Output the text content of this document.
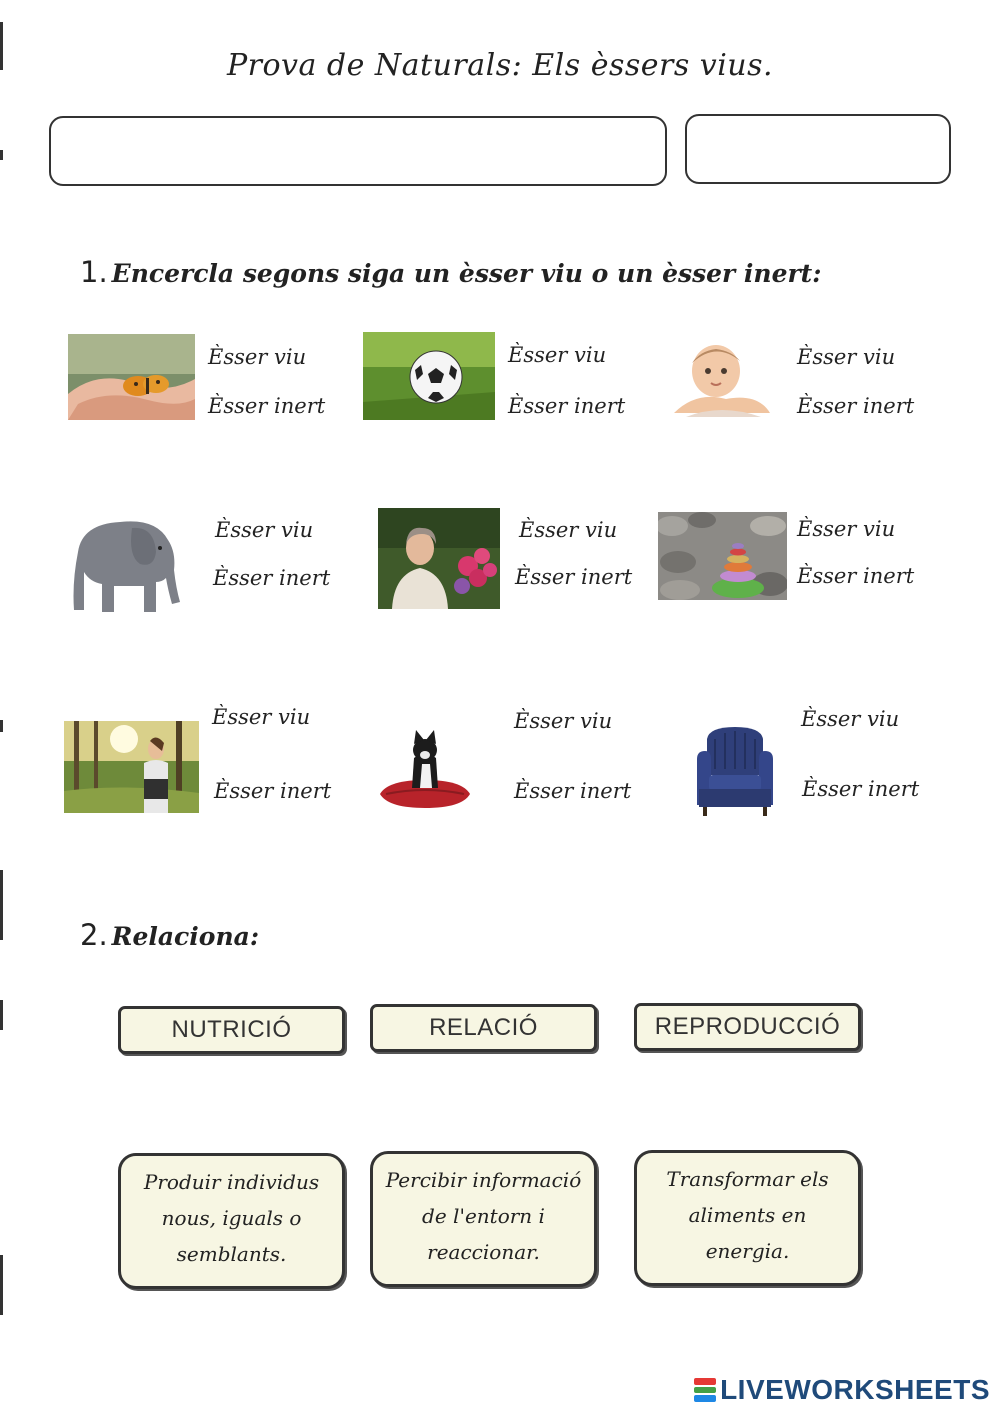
Prova de Naturals: Els èssers vius.
1. Encercla segons siga un èsser viu o un èsser inert:
Èsser viu
Èsser inert
Èsser viu
Èsser inert
Èsser viu
Èsser inert
Èsser viu
Èsser inert
Èsser viu
Èsser inert
Èsser viu
Èsser inert
Èsser viu
Èsser inert
Èsser viu
Èsser inert
Èsser viu
Èsser inert
2. Relaciona:
NUTRICIÓ	RELACIÓ	REPRODUCCIÓ
Produir individus
nous, iguals o
semblants.
Percibir informació
de l'entorn i
reaccionar.
Transformar els
aliments en
energia.
LIVEWORKSHEETS
